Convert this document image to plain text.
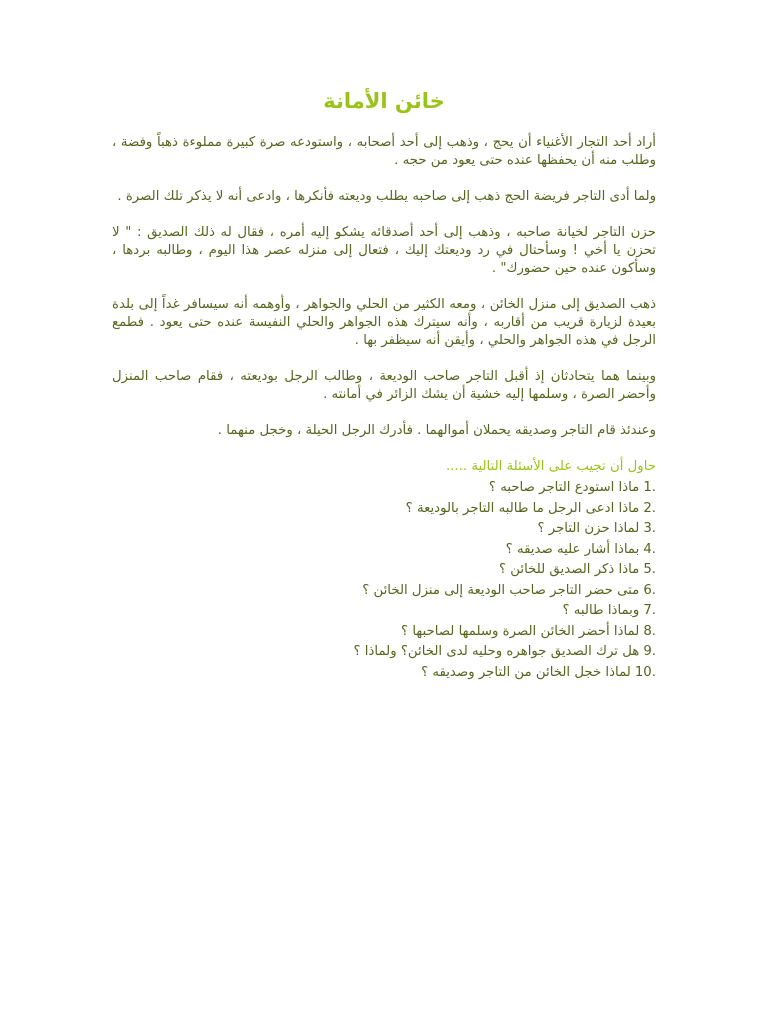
خائن الأمانة

أراد أحد التجار الأغنياء أن يحج ، وذهب إلى أحد أصحابه ، واستودعه صرة كبيرة مملوءة ذهباً وفضة ، وطلب منه أن يحفظها عنده حتى يعود من حجه .

ولما أدى التاجر فريضة الحج ذهب إلى صاحبه يطلب وديعته فأنكرها ، وادعى أنه لا يذكر تلك الصرة .

حزن التاجر لخيانة صاحبه ، وذهب إلى أحد أصدقائه يشكو إليه أمره ، فقال له ذلك الصديق : " لا تحزن يا أخي ! وسأحتال في رد وديعتك إليك ، فتعال إلى منزله عصر هذا اليوم ، وطالبه بردها ، وسأكون عنده حين حضورك" .

ذهب الصديق إلى منزل الخائن ، ومعه الكثير من الحلي والجواهر ، وأوهمه أنه سيسافر غداً إلى بلدة بعيدة لزيارة قريب من أقاربه ، وأنه سيترك هذه الجواهر والحلي النفيسة عنده حتى يعود . فطمع الرجل في هذه الجواهر والحلي ، وأيقن أنه سيظفر بها .

وبينما هما يتحادثان إذ أقبل التاجر صاحب الوديعة ، وطالب الرجل بوديعته ، فقام صاحب المنزل وأحضر الصرة ، وسلمها إليه خشية أن يشك الزائر في أمانته .

وعندئذ قام التاجر وصديقه يحملان أموالهما . فأدرك الرجل الحيلة ، وخجل منهما .

حاول أن تجيب على الأسئلة التالية .....
1.
ماذا استودع التاجر صاحبه ؟
2.
ماذا ادعى الرجل ما طالبه التاجر بالوديعة ؟
3.
لماذا حزن التاجر ؟
4.
بماذا أشار عليه صديقه ؟
5.
ماذا ذكر الصديق للخائن ؟
6.
متى حضر التاجر صاحب الوديعة إلى منزل الخائن ؟
7.
وبماذا طالبه ؟
8.
لماذا أحضر الخائن الصرة وسلمها لصاحبها ؟
9.
هل ترك الصديق جواهره وحليه لدى الخائن؟ ولماذا ؟
10.
لماذا خجل الخائن من التاجر وصديقه ؟
